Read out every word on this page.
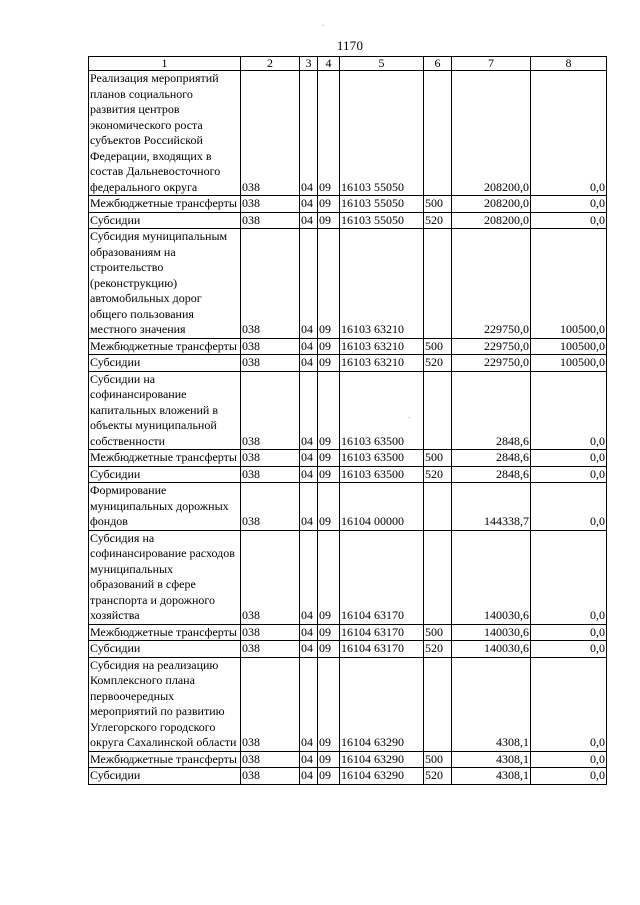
1170
1	2	3	4	5	6	7	8
Реализация мероприятий планов социального развития центров экономического роста субъектов Российской Федерации, входящих в состав Дальневосточного федерального округа	038	04	09	16103 55050		208200,0	0,0
Межбюджетные трансферты	038	04	09	16103 55050	500	208200,0	0,0
Субсидии	038	04	09	16103 55050	520	208200,0	0,0
Субсидия муниципальным образованиям на строительство (реконструкцию) автомобильных дорог общего пользования местного значения	038	04	09	16103 63210		229750,0	100500,0
Межбюджетные трансферты	038	04	09	16103 63210	500	229750,0	100500,0
Субсидии	038	04	09	16103 63210	520	229750,0	100500,0
Субсидии на софинансирование капитальных вложений в объекты муниципальной собственности	038	04	09	16103 63500		2848,6	0,0
Межбюджетные трансферты	038	04	09	16103 63500	500	2848,6	0,0
Субсидии	038	04	09	16103 63500	520	2848,6	0,0
Формирование муниципальных дорожных фондов	038	04	09	16104 00000		144338,7	0,0
Субсидия на софинансирование расходов муниципальных образований в сфере транспорта и дорожного хозяйства	038	04	09	16104 63170		140030,6	0,0
Межбюджетные трансферты	038	04	09	16104 63170	500	140030,6	0,0
Субсидии	038	04	09	16104 63170	520	140030,6	0,0
Субсидия на реализацию Комплексного плана первоочередных мероприятий по развитию Углегорского городского округа Сахалинской области	038	04	09	16104 63290		4308,1	0,0
Межбюджетные трансферты	038	04	09	16104 63290	500	4308,1	0,0
Субсидии	038	04	09	16104 63290	520	4308,1	0,0
.
.
